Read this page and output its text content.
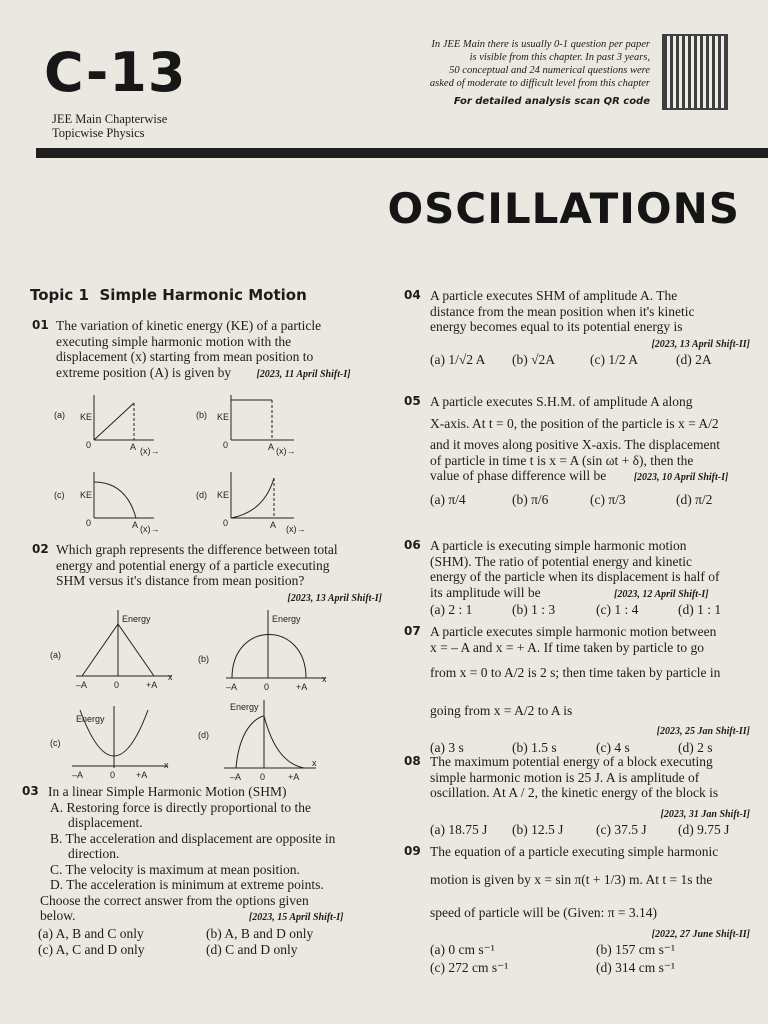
C-13
JEE Main Chapterwise
Topicwise Physics
In JEE Main there is usually 0-1 question per paper
is visible from this chapter. In past 3 years,
50 conceptual and 24 numerical questions were
asked of moderate to difficult level from this chapter
For detailed analysis scan QR code
OSCILLATIONS
Topic 1 Simple Harmonic Motion
01 The variation of kinetic energy (KE) of a particle
executing simple harmonic motion with the
displacement (x) starting from mean position to
extreme position (A) is given by	[2023, 11 April Shift-I]
(a) KE
0	A (x)→
(b) KE
0	A (x)→
(c) KE
0	A (x)→
(d) KE
0	A (x)→
02 Which graph represents the difference between total
energy and potential energy of a particle executing
SHM versus it's distance from mean position?
[2023, 13 April Shift-I]
(a)
Energy
–A	0	+A
x
(b)
Energy
–A	0	+A
x
(c)
Energy
–A	0 +A
x
(d)
Energy
–A 0	+A
x
03 In a linear Simple Harmonic Motion (SHM)
A. Restoring force is directly proportional to the
displacement.
B. The acceleration and displacement are opposite in
direction.
C. The velocity is maximum at mean position.
D. The acceleration is minimum at extreme points.
Choose the correct answer from the options given
below.	[2023, 15 April Shift-I]
(a) A, B and C only	(b) A, B and D only
(c) A, C and D only	(d) C and D only
04 A particle executes SHM of amplitude A. The
distance from the mean position when it's kinetic
energy becomes equal to its potential energy is
[2023, 13 April Shift-II]
(a) 1/√2 A (b) √2A	(c) 1/2 A	(d) 2A
05 A particle executes S.H.M. of amplitude A along
X-axis. At t = 0, the position of the particle is x = A/2
and it moves along positive X-axis. The displacement
of particle in time t is x = A (sin ωt + δ), then the
value of phase difference will be	[2023, 10 April Shift-I]
(a) π/4	(b) π/6	(c) π/3	(d) π/2
06 A particle is executing simple harmonic motion
(SHM). The ratio of potential energy and kinetic
energy of the particle when its displacement is half of
its amplitude will be	[2023, 12 April Shift-I]
(a) 2 : 1	(b) 1 : 3	(c) 1 : 4	(d) 1 : 1
07 A particle executes simple harmonic motion between
x = – A and x = + A. If time taken by particle to go
from x = 0 to A/2 is 2 s; then time taken by particle in
going from x = A/2 to A is
[2023, 25 Jan Shift-II]
(a) 3 s	(b) 1.5 s	(c) 4 s	(d) 2 s
08 The maximum potential energy of a block executing
simple harmonic motion is 25 J. A is amplitude of
oscillation. At A / 2, the kinetic energy of the block is
[2023, 31 Jan Shift-I]
(a) 18.75 J (b) 12.5 J (c) 37.5 J (d) 9.75 J
09 The equation of a particle executing simple harmonic
motion is given by x = sin π(t + 1/3) m. At t = 1s the
speed of particle will be (Given: π = 3.14)
[2022, 27 June Shift-II]
(a) 0 cm s⁻¹	(b) 157 cm s⁻¹
(c) 272 cm s⁻¹	(d) 314 cm s⁻¹
